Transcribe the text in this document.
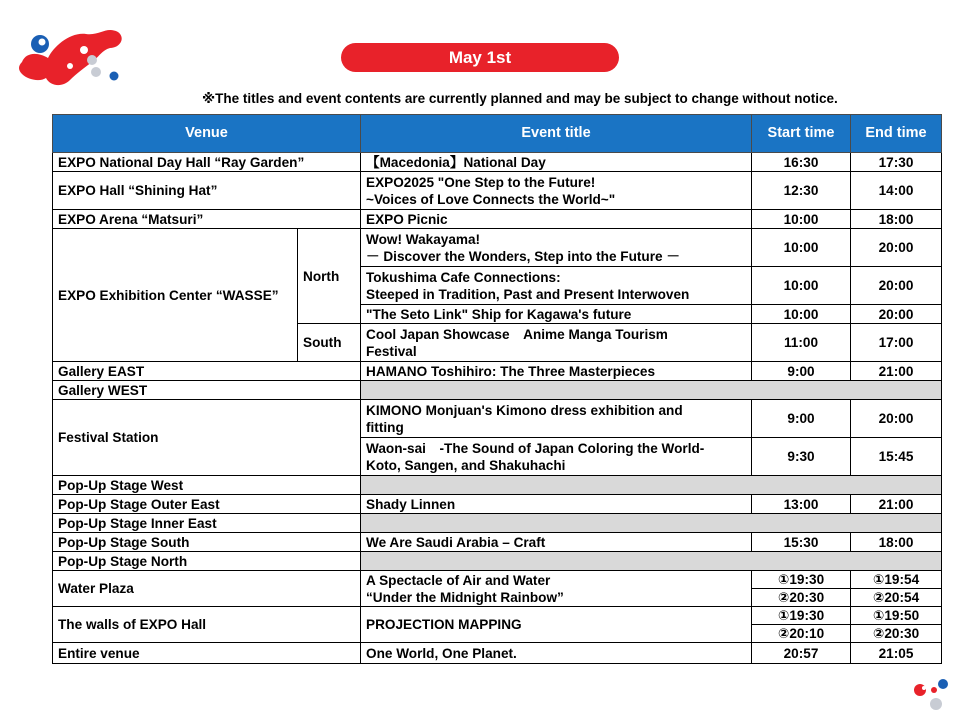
May 1st
※The titles and event contents are currently planned and may be subject to change without notice.
Venue		Event title	Start time	End time
EXPO National Day Hall “Ray Garden”		【Macedonia】National Day	16:30	17:30
EXPO Hall “Shining Hat”		EXPO2025 "One Step to the Future!
~Voices of Love Connects the World~"	12:30	14:00
EXPO Arena “Matsuri”		EXPO Picnic	10:00	18:00
EXPO Exhibition Center “WASSE”	North	Wow! Wakayama!
－ Discover the Wonders, Step into the Future －	10:00	20:00

		Tokushima Cafe Connections:
Steeped in Tradition, Past and Present Interwoven	10:00	20:00
		"The Seto Link" Ship for Kagawa's future	10:00	20:00
	South	Cool Japan Showcase　Anime Manga Tourism
Festival	11:00	17:00
Gallery EAST		HAMANO Toshihiro: The Three Masterpieces	9:00	21:00
Gallery WEST				
Festival Station		KIMONO Monjuan's Kimono dress exhibition and
fitting	9:00	20:00

		Waon-sai　-The Sound of Japan Coloring the World-
Koto, Sangen, and Shakuhachi	9:30	15:45
Pop-Up Stage West				
Pop-Up Stage Outer East		Shady Linnen	13:00	21:00
Pop-Up Stage Inner East				
Pop-Up Stage South		We Are Saudi Arabia – Craft	15:30	18:00
Pop-Up Stage North				
Water Plaza		A Spectacle of Air and Water
“Under the Midnight Rainbow”	①19:30	①19:54
			②20:30	②20:54
The walls of EXPO Hall		PROJECTION MAPPING	①19:30	①19:50
			②20:10	②20:30
Entire venue		One World, One Planet.	20:57	21:05
